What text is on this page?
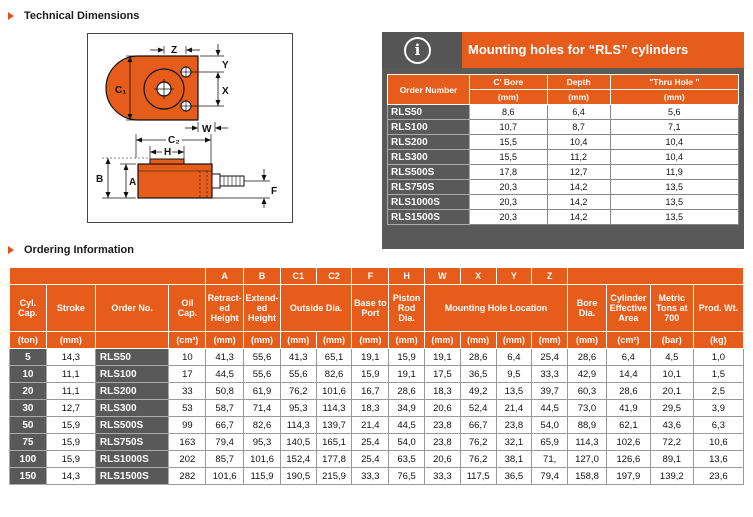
Technical Dimensions
Z
Y
X
C₁
W
C₂
H
A
B
F
i	Mounting holes for “RLS” cylinders
Order Number	C' Bore	Depth	"Thru Hole "
	(mm)	(mm)	(mm)
RLS50	8,6	6,4	5,6
RLS100	10,7	8,7	7,1
RLS200	15,5	10,4	10,4
RLS300	15,5	11,2	10,4
RLS500S	17,8	12,7	11,9
RLS750S	20,3	14,2	13,5
RLS1000S	20,3	14,2	13,5
RLS1500S	20,3	14,2	13,5
Ordering Information
				A	B	C1	C2	F	H	W	X	Y	Z				
Cyl. Cap.	Stroke	Order No.	Oil Cap.	Retract-ed Height	Extend-ed Height	Outside Dia.		Base to Port	Piston Rod Dia.	Mounting Hole Location				Bore Dia.	Cylinder Effective Area	Metric Tons at 700	Prod. Wt.
(ton)	(mm)		(cm³)	(mm)	(mm)	(mm)	(mm)	(mm)	(mm)	(mm)	(mm)	(mm)	(mm)	(mm)	(cm²)	(bar)	(kg)
5	14,3	RLS50	10	41,3	55,6	41,3	65,1	19,1	15,9	19,1	28,6	6,4	25,4	28,6	6,4	4,5	1,0
10	11,1	RLS100	17	44,5	55,6	55,6	82,6	15,9	19,1	17,5	36,5	9,5	33,3	42,9	14,4	10,1	1,5
20	11,1	RLS200	33	50,8	61,9	76,2	101,6	16,7	28,6	18,3	49,2	13,5	39,7	60,3	28,6	20,1	2,5
30	12,7	RLS300	53	58,7	71,4	95,3	114,3	18,3	34,9	20,6	52,4	21,4	44,5	73,0	41,9	29,5	3,9
50	15,9	RLS500S	99	66,7	82,6	114,3	139,7	21,4	44,5	23,8	66,7	23,8	54,0	88,9	62,1	43,6	6,3
75	15,9	RLS750S	163	79,4	95,3	140,5	165,1	25,4	54,0	23,8	76,2	32,1	65,9	114,3	102,6	72,2	10,6
100	15,9	RLS1000S	202	85,7	101,6	152,4	177,8	25,4	63,5	20,6	76,2	38,1	71,	127,0	126,6	89,1	13,6
150	14,3	RLS1500S	282	101,6	115,9	190,5	215,9	33,3	76,5	33,3	117,5	36,5	79,4	158,8	197,9	139,2	23,6
